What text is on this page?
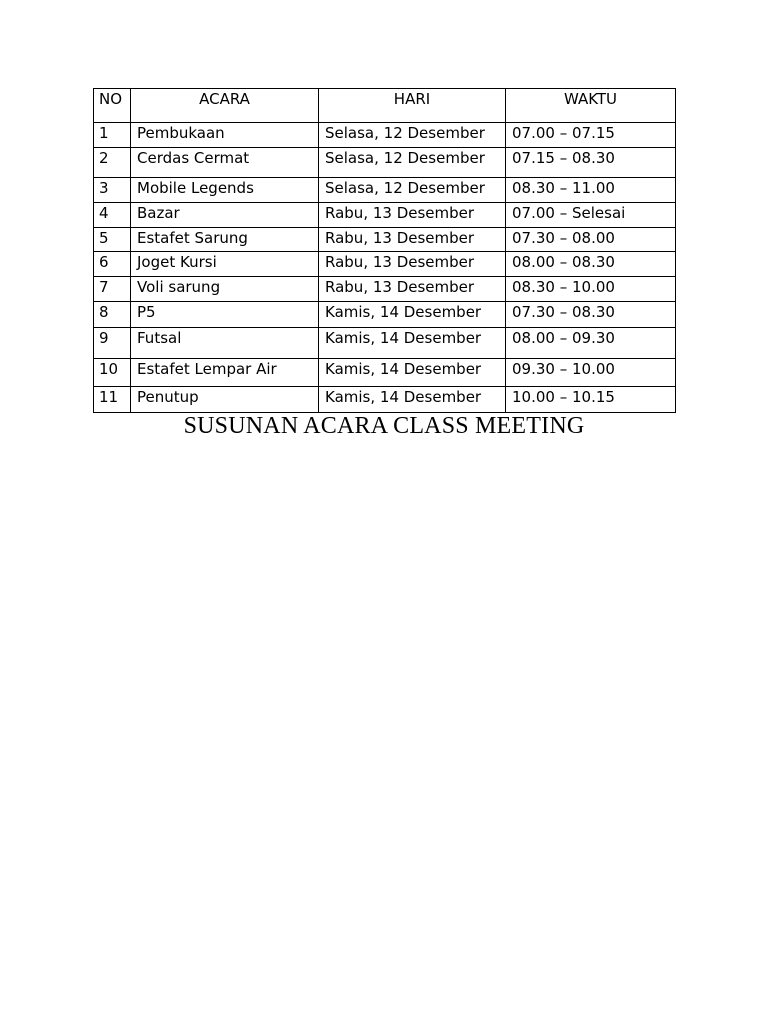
NO	ACARA	HARI	WAKTU
1	Pembukaan	Selasa, 12 Desember	07.00 – 07.15
2	Cerdas Cermat	Selasa, 12 Desember	07.15 – 08.30
3	Mobile Legends	Selasa, 12 Desember	08.30 – 11.00
4	Bazar	Rabu, 13 Desember	07.00 – Selesai
5	Estafet Sarung	Rabu, 13 Desember	07.30 – 08.00
6	Joget Kursi	Rabu, 13 Desember	08.00 – 08.30
7	Voli sarung	Rabu, 13 Desember	08.30 – 10.00
8	P5	Kamis, 14 Desember	07.30 – 08.30
9	Futsal	Kamis, 14 Desember	08.00 – 09.30
10	Estafet Lempar Air	Kamis, 14 Desember	09.30 – 10.00
11	Penutup	Kamis, 14 Desember	10.00 – 10.15
SUSUNAN ACARA CLASS MEETING
